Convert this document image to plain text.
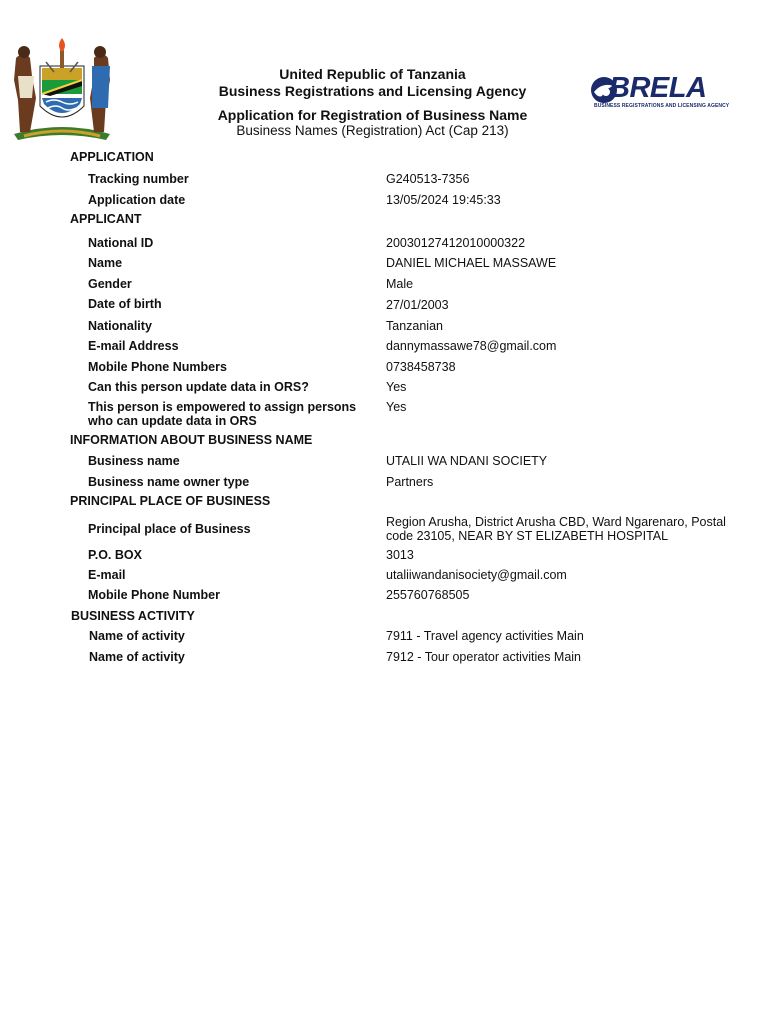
BRELA
BUSINESS REGISTRATIONS AND LICENSING AGENCY
United Republic of Tanzania
Business Registrations and Licensing Agency
Application for Registration of Business Name
Business Names (Registration) Act (Cap 213)
APPLICATION
Tracking number	G240513-7356
Application date	13/05/2024 19:45:33
APPLICANT
National ID	20030127412010000322
Name	DANIEL MICHAEL MASSAWE
Gender	Male
Date of birth	27/01/2003
Nationality	Tanzanian
E-mail Address	dannymassawe78@gmail.com
Mobile Phone Numbers	0738458738
Can this person update data in ORS?	Yes
This person is empowered to assign persons
who can update data in ORS
Yes
INFORMATION ABOUT BUSINESS NAME
Business name	UTALII WA NDANI SOCIETY
Business name owner type	Partners
PRINCIPAL PLACE OF BUSINESS
Principal place of Business	Region Arusha, District Arusha CBD, Ward Ngarenaro, Postal
code 23105, NEAR BY ST ELIZABETH HOSPITAL
P.O. BOX	3013
E-mail	utaliiwandanisociety@gmail.com
Mobile Phone Number	255760768505
BUSINESS ACTIVITY
Name of activity	7911 - Travel agency activities Main
Name of activity	7912 - Tour operator activities Main
